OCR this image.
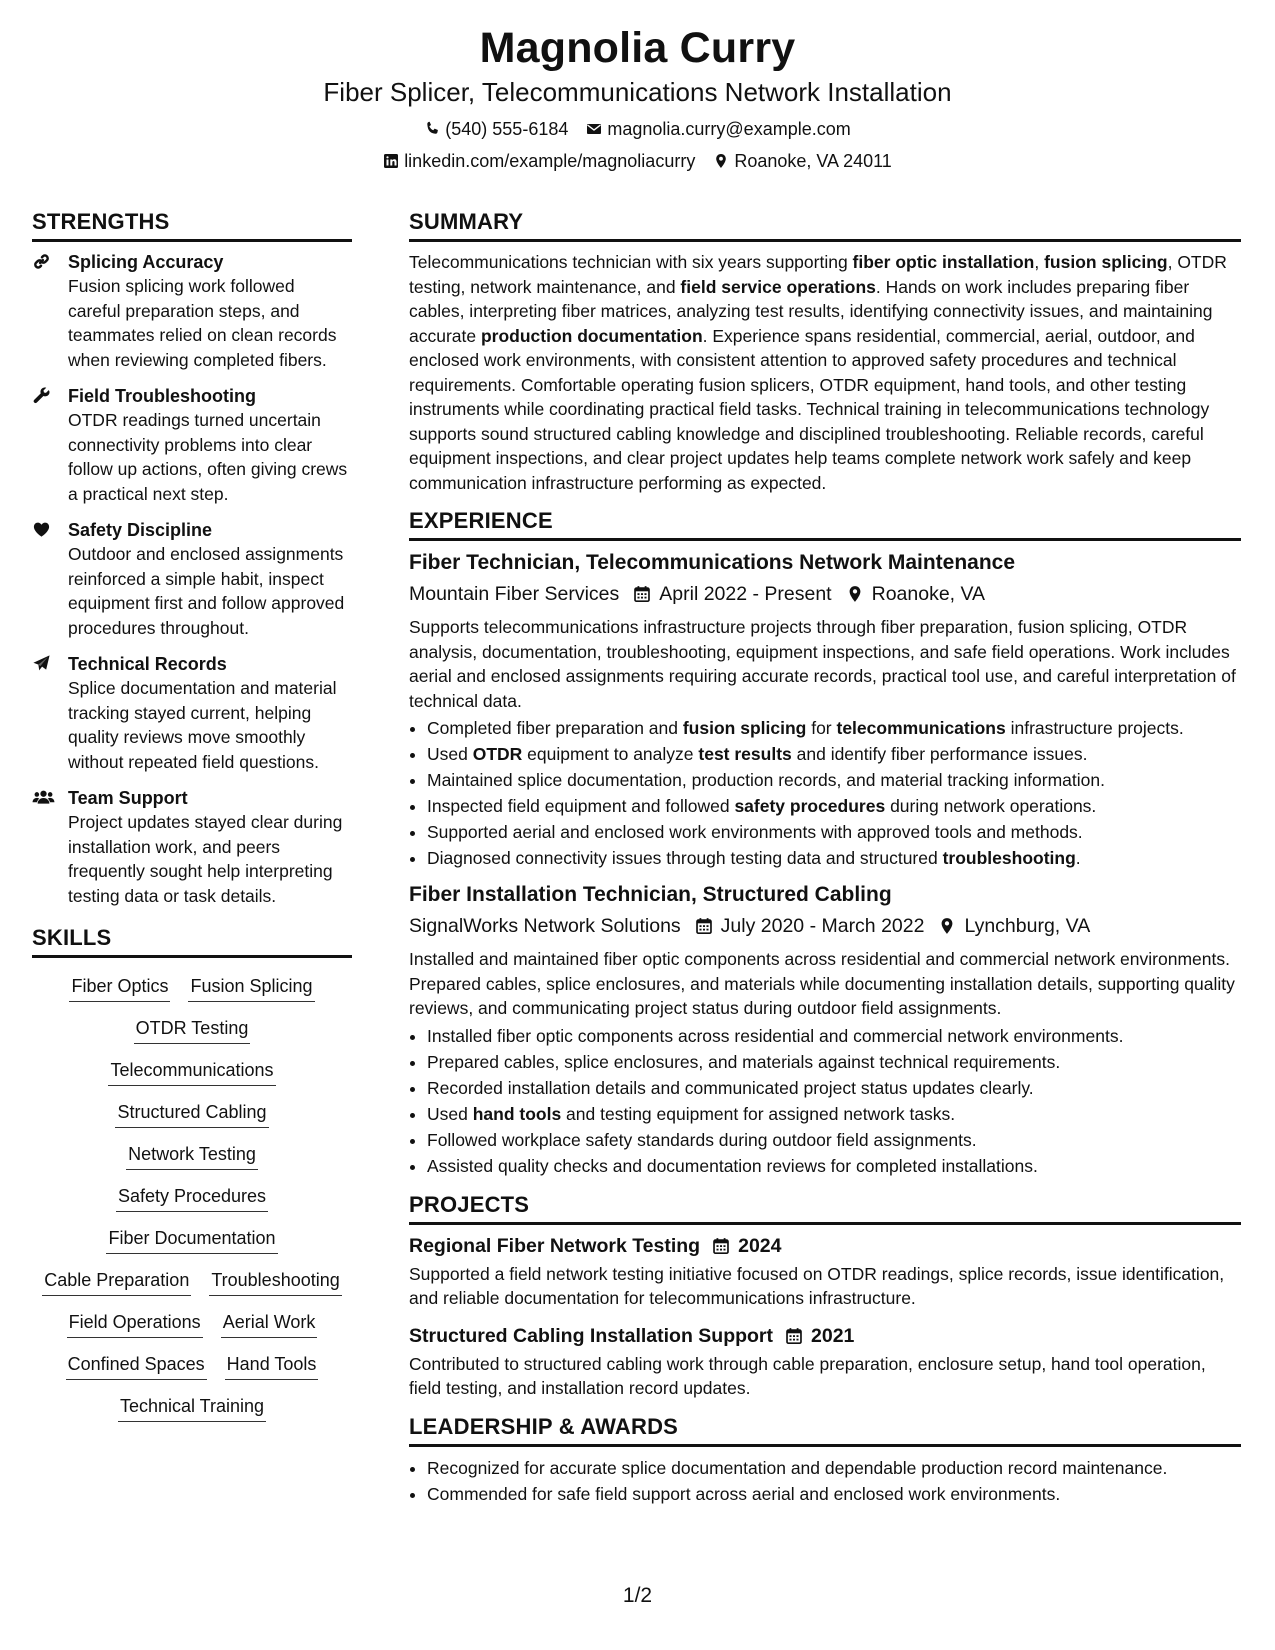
Magnolia Curry
Fiber Splicer, Telecommunications Network Installation
(540) 555-6184 magnolia.curry@example.com
linkedin.com/example/magnoliacurry Roanoke, VA 24011
STRENGTHS
Splicing Accuracy
Fusion splicing work followed careful preparation steps, and teammates relied on clean records when reviewing completed fibers.
Field Troubleshooting
OTDR readings turned uncertain connectivity problems into clear follow up actions, often giving crews a practical next step.
Safety Discipline
Outdoor and enclosed assignments reinforced a simple habit, inspect equipment first and follow approved procedures throughout.
Technical Records
Splice documentation and material tracking stayed current, helping quality reviews move smoothly without repeated field questions.
Team Support
Project updates stayed clear during installation work, and peers frequently sought help interpreting testing data or task details.
SKILLS
Fiber Optics Fusion Splicing
OTDR Testing
Telecommunications
Structured Cabling
Network Testing
Safety Procedures
Fiber Documentation
Cable Preparation Troubleshooting
Field Operations Aerial Work
Confined Spaces Hand Tools
Technical Training
SUMMARY
Telecommunications technician with six years supporting fiber optic installation, fusion splicing, OTDR testing, network maintenance, and field service operations. Hands on work includes preparing fiber cables, interpreting fiber matrices, analyzing test results, identifying connectivity issues, and maintaining accurate production documentation. Experience spans residential, commercial, aerial, outdoor, and enclosed work environments, with consistent attention to approved safety procedures and technical requirements. Comfortable operating fusion splicers, OTDR equipment, hand tools, and other testing instruments while coordinating practical field tasks. Technical training in telecommunications technology supports sound structured cabling knowledge and disciplined troubleshooting. Reliable records, careful equipment inspections, and clear project updates help teams complete network work safely and keep communication infrastructure performing as expected.
EXPERIENCE
Fiber Technician, Telecommunications Network Maintenance
Mountain Fiber Services April 2022 - Present Roanoke, VA
Supports telecommunications infrastructure projects through fiber preparation, fusion splicing, OTDR analysis, documentation, troubleshooting, equipment inspections, and safe field operations. Work includes aerial and enclosed assignments requiring accurate records, practical tool use, and careful interpretation of technical data.
• Completed fiber preparation and fusion splicing for telecommunications infrastructure projects.
• Used OTDR equipment to analyze test results and identify fiber performance issues.
• Maintained splice documentation, production records, and material tracking information.
• Inspected field equipment and followed safety procedures during network operations.
• Supported aerial and enclosed work environments with approved tools and methods.
• Diagnosed connectivity issues through testing data and structured troubleshooting.
Fiber Installation Technician, Structured Cabling
SignalWorks Network Solutions July 2020 - March 2022 Lynchburg, VA
Installed and maintained fiber optic components across residential and commercial network environments. Prepared cables, splice enclosures, and materials while documenting installation details, supporting quality reviews, and communicating project status during outdoor field assignments.
• Installed fiber optic components across residential and commercial network environments.
• Prepared cables, splice enclosures, and materials against technical requirements.
• Recorded installation details and communicated project status updates clearly.
• Used hand tools and testing equipment for assigned network tasks.
• Followed workplace safety standards during outdoor field assignments.
• Assisted quality checks and documentation reviews for completed installations.
PROJECTS
Regional Fiber Network Testing 2024
Supported a field network testing initiative focused on OTDR readings, splice records, issue identification, and reliable documentation for telecommunications infrastructure.
Structured Cabling Installation Support 2021
Contributed to structured cabling work through cable preparation, enclosure setup, hand tool operation, field testing, and installation record updates.
LEADERSHIP & AWARDS
• Recognized for accurate splice documentation and dependable production record maintenance.
• Commended for safe field support across aerial and enclosed work environments.
1/2
